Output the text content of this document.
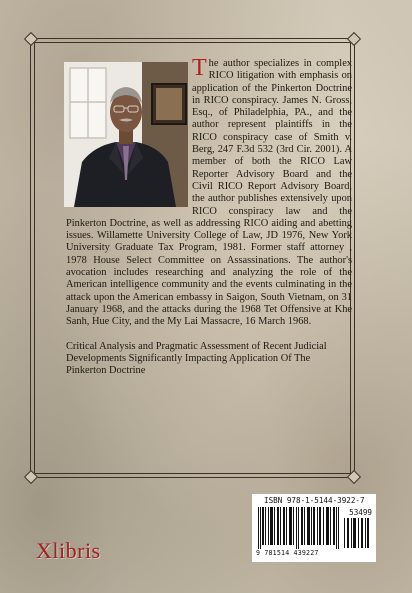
The author specializes in complex RICO litigation with emphasis on application of the Pinkerton Doctrine in RICO conspiracy. James N. Gross, Esq., of Philadelphia, PA., and the author represent plaintiffs in the RICO conspiracy case of Smith v. Berg, 247 F.3d 532 (3rd Cir. 2001). A member of both the RICO Law Reporter Advisory Board and the Civil RICO Report Advisory Board, the author publishes extensively upon RICO conspiracy law and the Pinkerton Doctrine, as well as addressing RICO aiding and abetting issues. Willamette University College of Law, JD 1976, New York University Graduate Tax Program, 1981. Former staff attorney , 1978 House Select Committee on Assassinations. The author's avocation includes researching and analyzing the role of the American intelligence community and the events culminating in the attack upon the American embassy in Saigon, South Vietnam, on 31 January 1968, and the attacks during the 1968 Tet Offensive at Khe Sanh, Hue City, and the My Lai Massacre, 16 March 1968.

Critical Analysis and Pragmatic Assessment of Recent Judicial Developments Significantly Impacting Application Of The Pinkerton Doctrine

ISBN 978-1-5144-3922-7
53499
9 781514 439227
Xlibris
